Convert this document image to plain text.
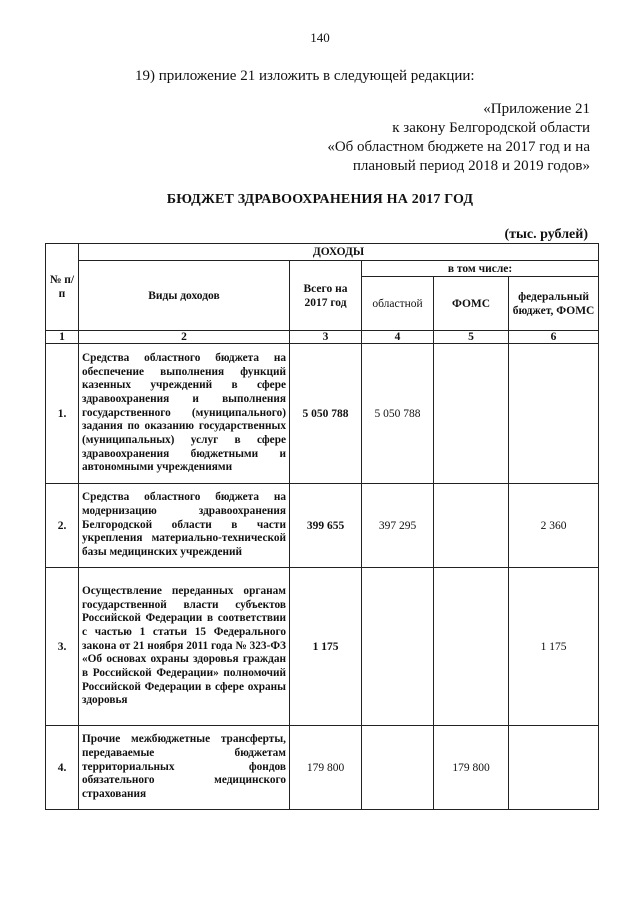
140
19) приложение 21 изложить в следующей редакции:
«Приложение 21
к закону Белгородской области
«Об областном бюджете на 2017 год и на
плановый период 2018 и 2019 годов»
БЮДЖЕТ ЗДРАВООХРАНЕНИЯ НА 2017 ГОД
(тыс. рублей)
№ п/п	ДОХОДЫ				
	Виды доходов	Всего на 2017 год	в том числе:		
			областной	ФОМС	федеральный бюджет, ФОМС
1	2	3	4	5	6
1.	Средства областного бюджета на обеспечение выполнения функций казенных учреждений в сфере здравоохранения и выполнения государственного (муниципального) задания по оказанию государственных (муниципальных) услуг в сфере здравоохранения бюджетными и автономными учреждениями	5 050 788	5 050 788		
2.	Средства областного бюджета на модернизацию здравоохранения Белгородской области в части укрепления материально-технической базы медицинских учреждений	399 655	397 295		2 360
3.	Осуществление переданных органам государственной власти субъектов Российской Федерации в соответствии с частью 1 статьи 15 Федерального закона от 21 ноября 2011 года № 323-ФЗ «Об основах охраны здоровья граждан в Российской Федерации» полномочий Российской Федерации в сфере охраны здоровья	1 175			1 175
4.	Прочие межбюджетные трансферты, передаваемые бюджетам территориальных фондов обязательного медицинского страхования	179 800		179 800	
